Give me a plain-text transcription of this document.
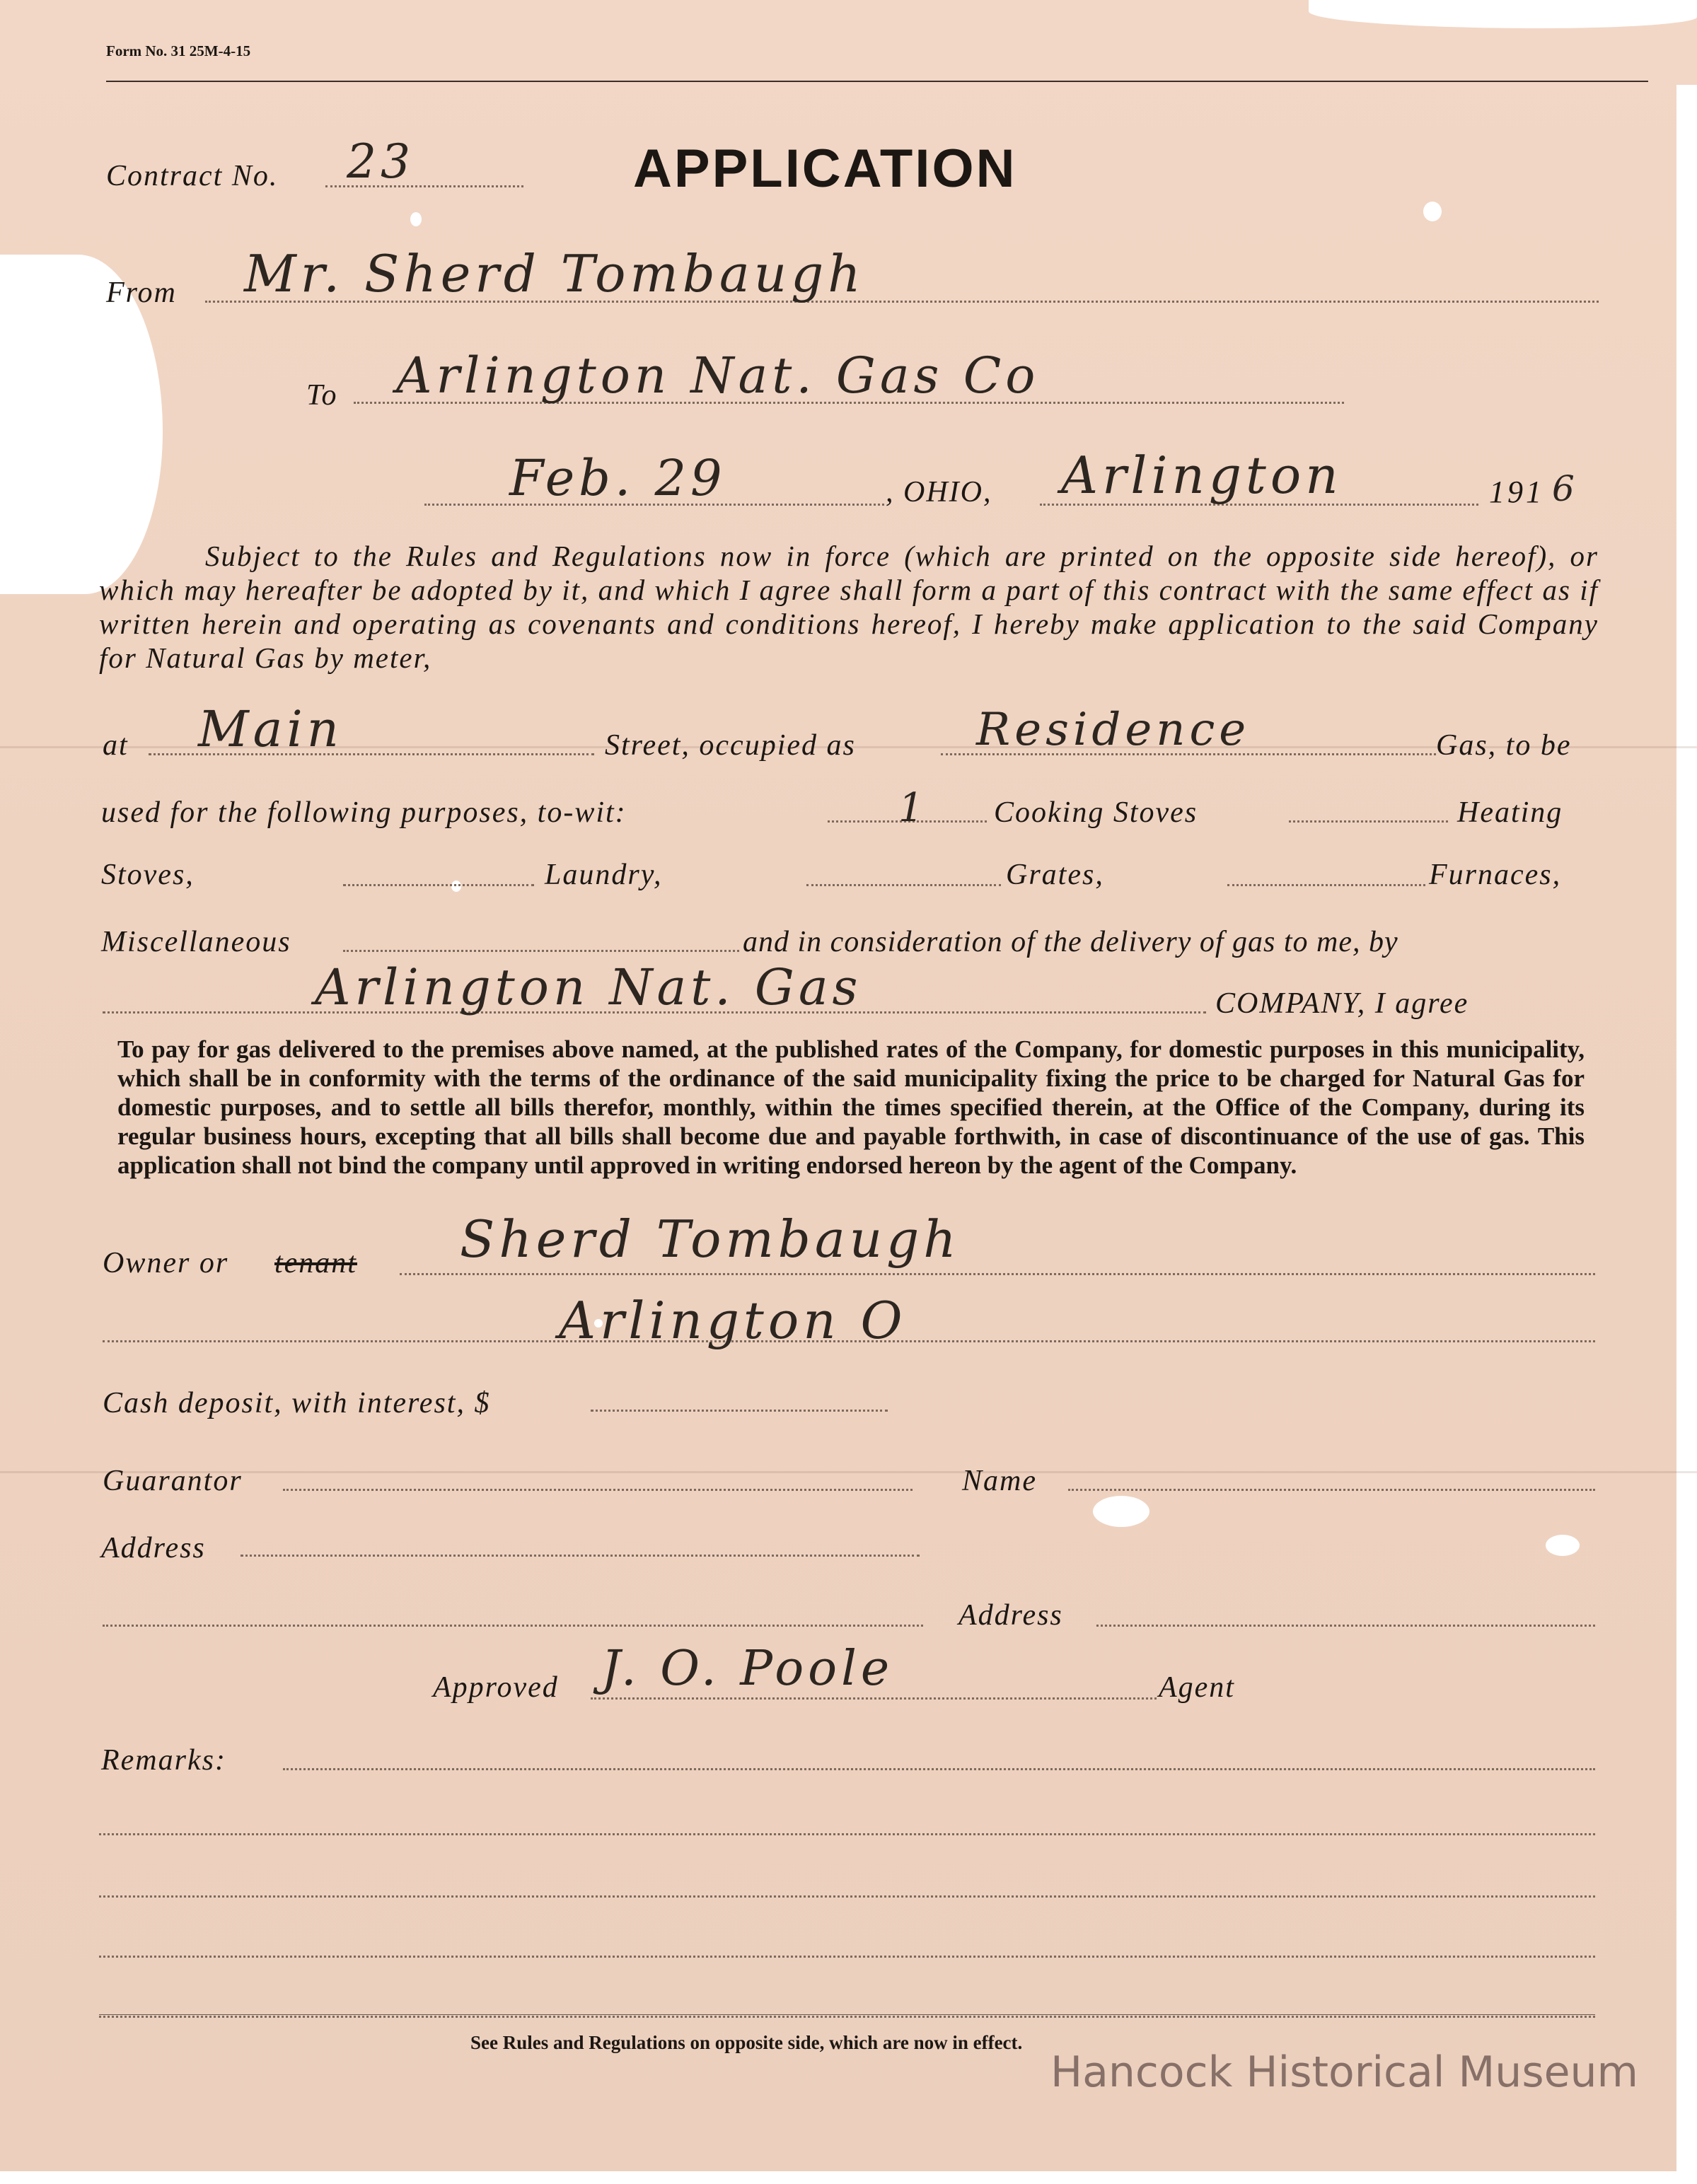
Form No. 31 25M-4-15
Contract No. 23	APPLICATION
From Mr. Sherd Tombaugh
To Arlington Nat. Gas Co
Feb. 29	, OHIO, Arlington	191 6
Subject to the Rules and Regulations now in force (which are printed on the opposite side hereof), or which may hereafter be adopted by it, and which I agree shall form a part of this contract with the same effect as if written herein and operating as covenants and conditions hereof, I hereby make application to the said Company for Natural Gas by meter,
at Main	Street, occupied as	Residence	Gas, to be
used for the following purposes, to-wit:	1 Cooking Stoves	Heating
Stoves,	Laundry,	Grates,	Furnaces,
Miscellaneous	and in consideration of the delivery of gas to me, by
Arlington Nat. Gas	COMPANY, I agree
To pay for gas delivered to the premises above named, at the published rates of the Company, for domestic purposes in this municipality, which shall be in conformity with the terms of the ordinance of the said municipality fixing the price to be charged for Natural Gas for domestic purposes, and to settle all bills therefor, monthly, within the times specified therein, at the Office of the Company, during its regular business hours, excepting that all bills shall become due and payable forthwith, in case of discontinuance of the use of gas. This application shall not bind the company until approved in writing endorsed hereon by the agent of the Company.
Owner or tenant Sherd Tombaugh
Arlington O
Cash deposit, with interest, $
Guarantor	Name
Address
Address
Approved J. O. Poole	Agent
Remarks:
See Rules and Regulations on opposite side, which are now in effect.
Hancock Historical Museum
